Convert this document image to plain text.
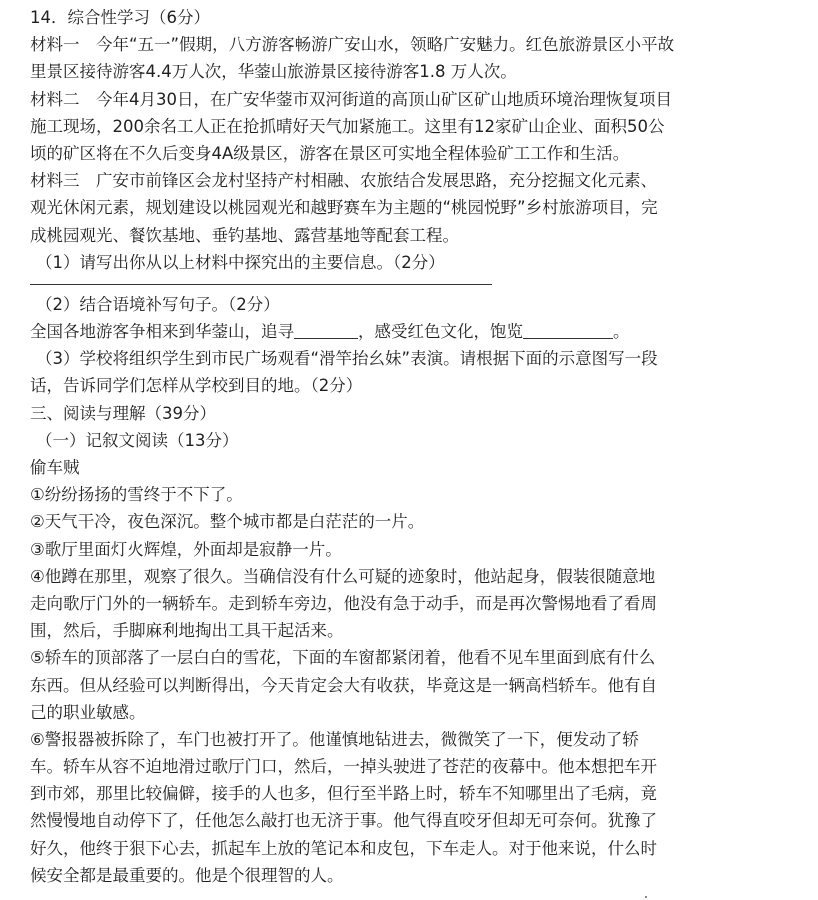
14．综合性学习（6分）
材料一　今年“五一”假期，八方游客畅游广安山水，领略广安魅力。红色旅游景区小平故
里景区接待游客4.4万人次，华蓥山旅游景区接待游客1.8 万人次。
材料二　今年4月30日，在广安华蓥市双河街道的高顶山矿区矿山地质环境治理恢复项目
施工现场，200余名工人正在抢抓晴好天气加紧施工。这里有12家矿山企业、面积50公
顷的矿区将在不久后变身4A级景区，游客在景区可实地全程体验矿工工作和生活。
材料三　广安市前锋区会龙村坚持产村相融、农旅结合发展思路，充分挖掘文化元素、
观光休闲元素，规划建设以桃园观光和越野赛车为主题的“桃园悦野”乡村旅游项目，完
成桃园观光、餐饮基地、垂钓基地、露营基地等配套工程。
（1）请写出你从以上材料中探究出的主要信息。（2分）
（2）结合语境补写句子。（2分）
全国各地游客争相来到华蓥山，追寻	，感受红色文化，饱览	。
（3）学校将组织学生到市民广场观看“滑竿抬幺妹”表演。请根据下面的示意图写一段
话，告诉同学们怎样从学校到目的地。（2分）
三、阅读与理解（39分）
（一）记叙文阅读（13分）
偷车贼
①纷纷扬扬的雪终于不下了。
②天气干冷，夜色深沉。整个城市都是白茫茫的一片。
③歌厅里面灯火辉煌，外面却是寂静一片。
④他蹲在那里，观察了很久。当确信没有什么可疑的迹象时，他站起身，假装很随意地
走向歌厅门外的一辆轿车。走到轿车旁边，他没有急于动手，而是再次警惕地看了看周
围，然后，手脚麻利地掏出工具干起活来。
⑤轿车的顶部落了一层白白的雪花，下面的车窗都紧闭着，他看不见车里面到底有什么
东西。但从经验可以判断得出，今天肯定会大有收获，毕竟这是一辆高档轿车。他有自
己的职业敏感。
⑥警报器被拆除了，车门也被打开了。他谨慎地钻进去，微微笑了一下，便发动了轿
车。轿车从容不迫地滑过歌厅门口，然后，一掉头驶进了苍茫的夜幕中。他本想把车开
到市郊，那里比较偏僻，接手的人也多，但行至半路上时，轿车不知哪里出了毛病，竟
然慢慢地自动停下了，任他怎么敲打也无济于事。他气得直咬牙但却无可奈何。犹豫了
好久，他终于狠下心去，抓起车上放的笔记本和皮包，下车走人。对于他来说，什么时
候安全都是最重要的。他是个很理智的人。
